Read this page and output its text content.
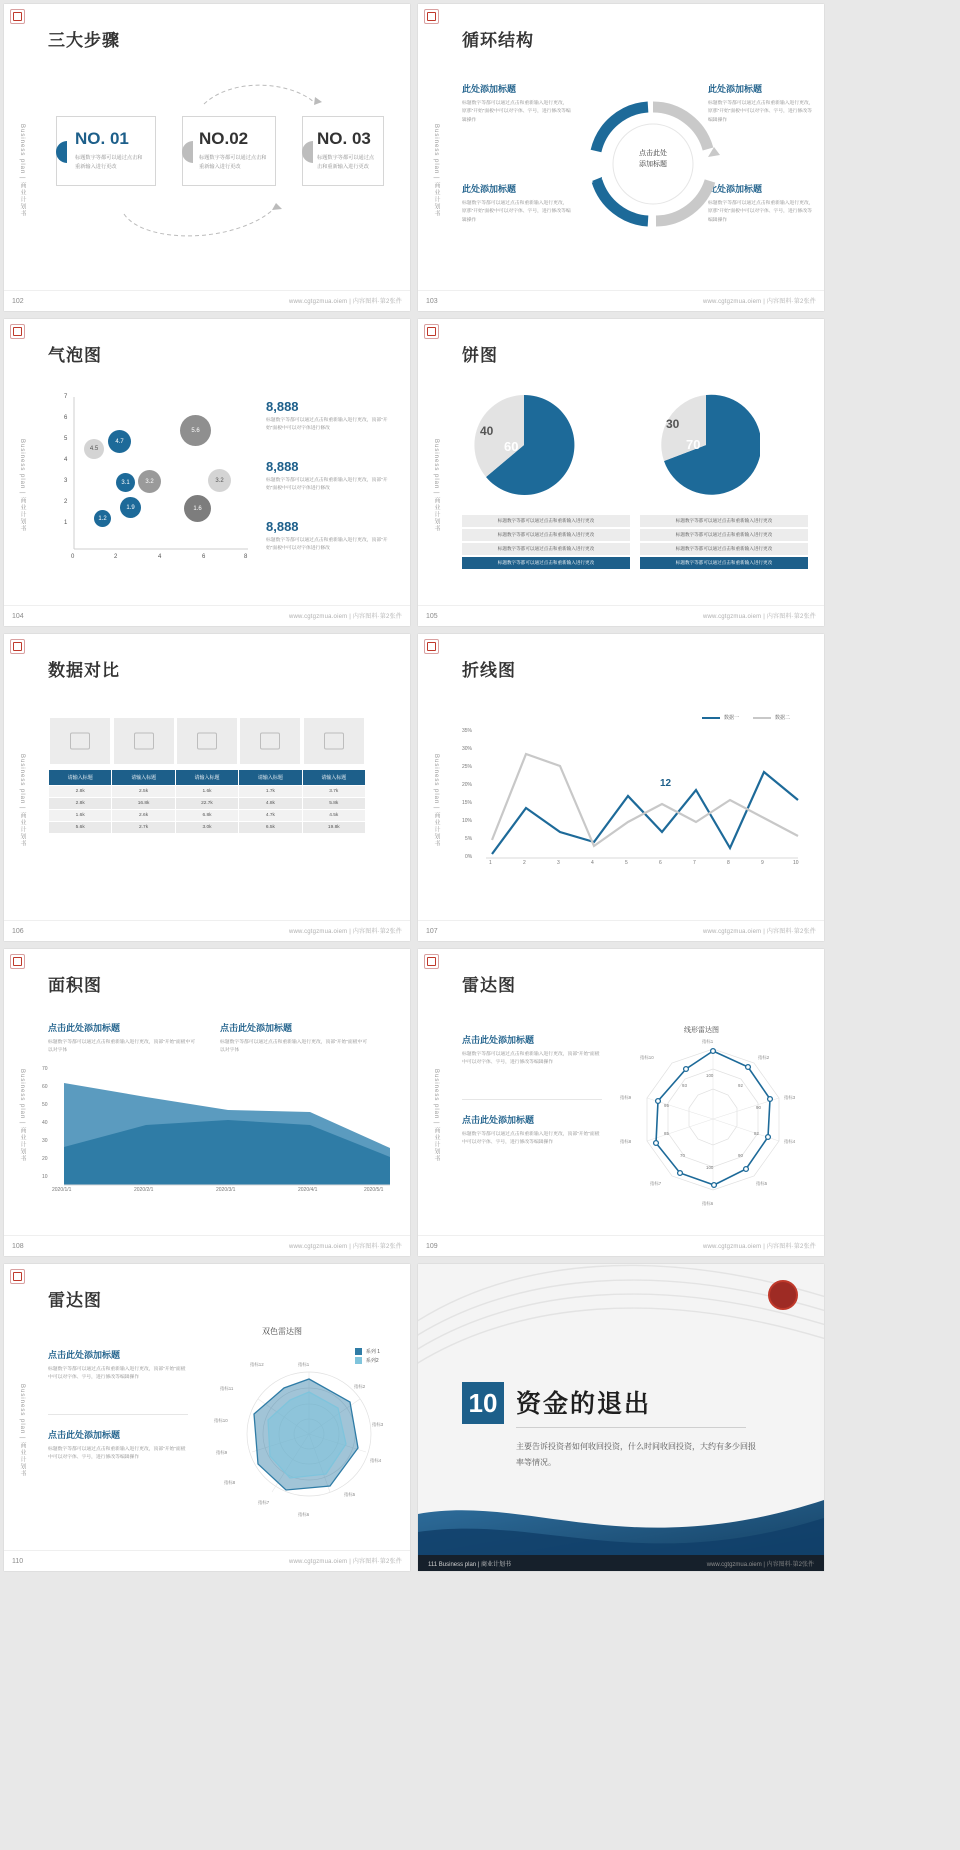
Business plan | 商业计划书
三大步骤
NO. 01
标题数字等都可以通过点击和重新输入进行更改
NO.02
标题数字等都可以通过点击和重新输入进行更改
NO. 03
标题数字等都可以通过点击和重新输入进行更改
102	www.cgtgzmua.oiem | 内容图料·第2张件
Business plan | 商业计划书
循环结构
此处添加标题
标题数字等都可以通过点击和重新输入进行更改，原那“开始”面板中可以对字体、字号，进行修改等编辑操作
此处添加标题
标题数字等都可以通过点击和重新输入进行更改，原那“开始”面板中可以对字体、字号，进行修改等编辑操作
此处添加标题
标题数字等都可以通过点击和重新输入进行更改，原那“开始”面板中可以对字体、字号，进行修改等编辑操作
此处添加标题
标题数字等都可以通过点击和重新输入进行更改，原那“开始”面板中可以对字体、字号，进行修改等编辑操作
点击此处
添加标题
103	www.cgtgzmua.oiem | 内容图料·第2张件
Business plan | 商业计划书
气泡图
7
6
5
4
3
2
1
0	2	4	6	8
4.5
4.7
3.1	3.2
1.2
1.9
5.6
3.2
1.6
8,888
标题数字等都可以通过点击和重新输入进行更改，顶部“开始”面板中可以对字体进行修改
8,888
标题数字等都可以通过点击和重新输入进行更改，顶部“开始”面板中可以对字体进行修改
8,888
标题数字等都可以通过点击和重新输入进行更改，顶部“开始”面板中可以对字体进行修改
104	www.cgtgzmua.oiem | 内容图料·第2张件
Business plan | 商业计划书
饼图
60
40
70
30
标题数字等都可以通过点击和重新输入进行更改
标题数字等都可以通过点击和重新输入进行更改
标题数字等都可以通过点击和重新输入进行更改
标题数字等都可以通过点击和重新输入进行更改
标题数字等都可以通过点击和重新输入进行更改
标题数字等都可以通过点击和重新输入进行更改
标题数字等都可以通过点击和重新输入进行更改
标题数字等都可以通过点击和重新输入进行更改
105	www.cgtgzmua.oiem | 内容图料·第2张件
Business plan | 商业计划书
数据对比

请输入标题	请输入标题	请输入标题	请输入标题	请输入标题
2.8k	2.5k	1.6k	1.7k	3.7k
2.8k	16.8k	22.7k	4.8k	5.8k
1.6k	2.6k	6.8k	4.7k	4.5k
5.6k	2.7k	3.0k	6.5k	19.8k
106	www.cgtgzmua.oiem | 内容图料·第2张件
Business plan | 商业计划书
折线图
数据一	数据二
35%
30%
25%
20%
15%
10%
5%
0%
1	2	3	4	5	6	7	8	9	10
12
107	www.cgtgzmua.oiem | 内容图料·第2张件
Business plan | 商业计划书
面积图
点击此处添加标题
标题数字等都可以通过点击和重新输入进行更改，顶部“开始”面板中可以对字体
点击此处添加标题
标题数字等都可以通过点击和重新输入进行更改，顶部“开始”面板中可以对字体
70
60
50
40
30
20
10
2020/1/1	2020/2/1	2020/3/1	2020/4/1	2020/5/1
108	www.cgtgzmua.oiem | 内容图料·第2张件
Business plan | 商业计划书
雷达图
点击此处添加标题
标题数字等都可以通过点击和重新输入进行更改，顶部“开始”面板中可以对字体、字号，进行修改等编辑操作
点击此处添加标题
标题数字等都可以通过点击和重新输入进行更改，顶部“开始”面板中可以对字体、字号，进行修改等编辑操作
线形雷达图
100
92
90
82
90
100
70
85
95
93
指标1
指标2
指标3
指标4
指标5
指标6
指标7
指标8
指标9
指标10
109	www.cgtgzmua.oiem | 内容图料·第2张件
Business plan | 商业计划书
雷达图
点击此处添加标题
标题数字等都可以通过点击和重新输入进行更改，顶部“开始”面板中可以对字体、字号，进行修改等编辑操作
点击此处添加标题
标题数字等都可以通过点击和重新输入进行更改，顶部“开始”面板中可以对字体、字号，进行修改等编辑操作
双色雷达图
系列 1
系列2
指标1
指标2
指标3
指标4
指标5
指标6
指标7
指标8
指标9
指标10
指标11
指标12
110	www.cgtgzmua.oiem | 内容图料·第2张件
10 资金的退出
主要告诉投资者如何收回投资，什么时间收回投资，大约有多少回报率等情况。
111 Business plan | 商业计划书	www.cgtgzmua.oiem | 内容图料·第2张件
